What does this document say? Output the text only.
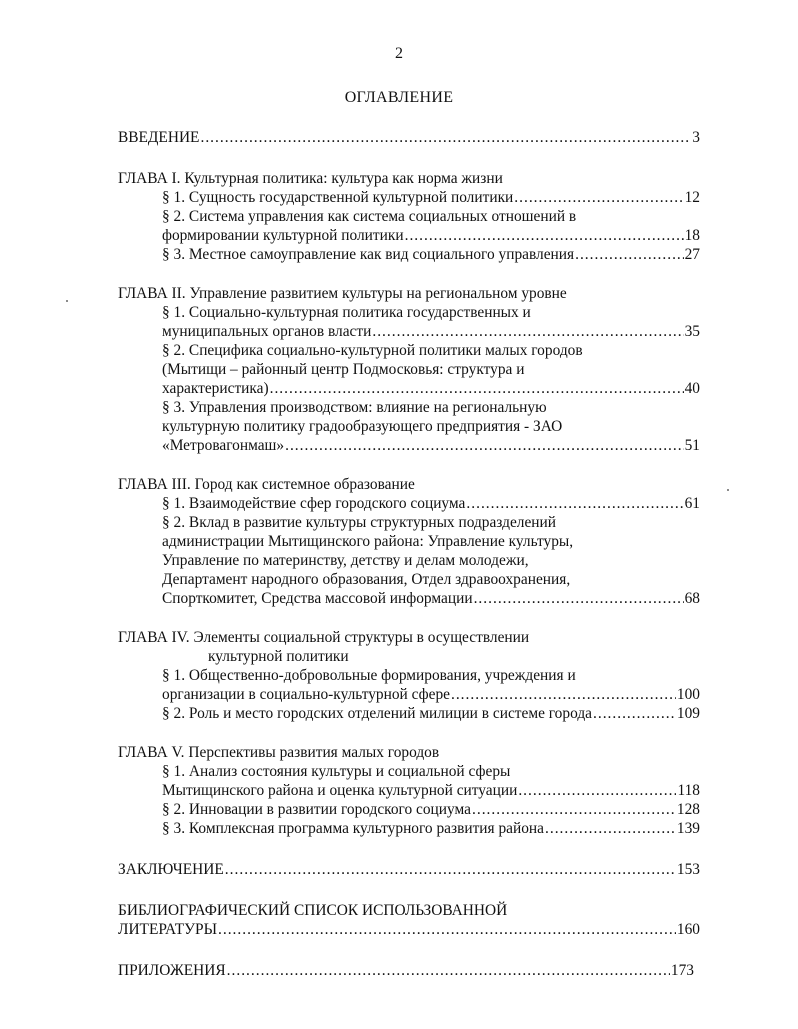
2
ОГЛАВЛЕНИЕ
ВВЕДЕНИЕ .....	3
ГЛАВА I. Культурная политика: культура как норма жизни
§ 1. Сущность государственной культурной политики .....	12
§ 2. Система управления как система социальных отношений в
формировании культурной политики .....	18
§ 3. Местное самоуправление как вид социального управления .....	27
ГЛАВА II. Управление развитием культуры на региональном уровне
§ 1. Социально-культурная политика государственных и
муниципальных органов власти .....	35
§ 2. Специфика социально-культурной политики малых городов
(Мытищи – районный центр Подмосковья: структура и
характеристика) .....	40
§ 3. Управления производством: влияние на региональную
культурную политику градообразующего предприятия - ЗАО
«Метровагонмаш» .....	51
ГЛАВА III. Город как системное образование
§ 1. Взаимодействие сфер городского социума .....	61
§ 2. Вклад в развитие культуры структурных подразделений
администрации Мытищинского района: Управление культуры,
Управление по материнству, детству и делам молодежи,
Департамент народного образования, Отдел здравоохранения,
Спорткомитет, Средства массовой информации .....	68
ГЛАВА IV. Элементы социальной структуры в осуществлении
культурной политики
§ 1. Общественно-добровольные формирования, учреждения и
организации в социально-культурной сфере .....	100
§ 2. Роль и место городских отделений милиции в системе города .....	109
ГЛАВА V. Перспективы развития малых городов
§ 1. Анализ состояния культуры и социальной сферы
Мытищинского района и оценка культурной ситуации .....	118
§ 2. Инновации в развитии городского социума .....	128
§ 3. Комплексная программа культурного развития района .....	139
ЗАКЛЮЧЕНИЕ .....	153
БИБЛИОГРАФИЧЕСКИЙ СПИСОК ИСПОЛЬЗОВАННОЙ
ЛИТЕРАТУРЫ .....	160
ПРИЛОЖЕНИЯ .....	173
